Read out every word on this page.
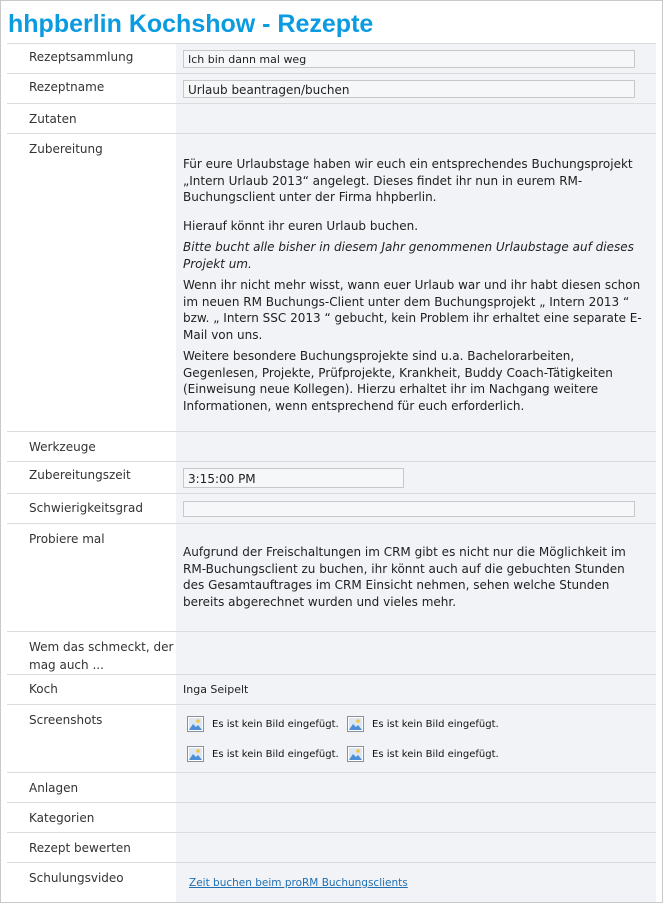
hhpberlin Kochshow - Rezepte
Rezeptsammlung	Ich bin dann mal weg
Rezeptname	Urlaub beantragen/buchen
Zutaten
Zubereitung

Für eure Urlaubstage haben wir euch ein entsprechendes Buchungsprojekt „Intern Urlaub 2013“ angelegt. Dieses findet ihr nun in eurem RM-Buchungsclient unter der Firma hhpberlin.

Hierauf könnt ihr euren Urlaub buchen.

Bitte bucht alle bisher in diesem Jahr genommenen Urlaubstage auf dieses Projekt um.

Wenn ihr nicht mehr wisst, wann euer Urlaub war und ihr habt diesen schon im neuen RM Buchungs-Client unter dem Buchungsprojekt „ Intern 2013 “ bzw. „ Intern SSC 2013 “ gebucht, kein Problem ihr erhaltet eine separate E-Mail von uns.

Weitere besondere Buchungsprojekte sind u.a. Bachelorarbeiten, Gegenlesen, Projekte, Prüfprojekte, Krankheit, Buddy Coach-Tätigkeiten (Einweisung neue Kollegen). Hierzu erhaltet ihr im Nachgang weitere Informationen, wenn entsprechend für euch erforderlich.

Werkzeuge
Zubereitungszeit	3:15:00 PM
Schwierigkeitsgrad
Probiere mal
Aufgrund der Freischaltungen im CRM gibt es nicht nur die Möglichkeit im RM-Buchungsclient zu buchen, ihr könnt auch auf die gebuchten Stunden des Gesamtauftrages im CRM Einsicht nehmen, sehen welche Stunden bereits abgerechnet wurden und vieles mehr.
Wem das schmeckt, der mag auch ...
Koch	Inga Seipelt
Screenshots	Es ist kein Bild eingefügt.	Es ist kein Bild eingefügt.
Es ist kein Bild eingefügt.	Es ist kein Bild eingefügt.
Anlagen
Kategorien
Rezept bewerten
Schulungsvideo	Zeit buchen beim proRM Buchungsclients
